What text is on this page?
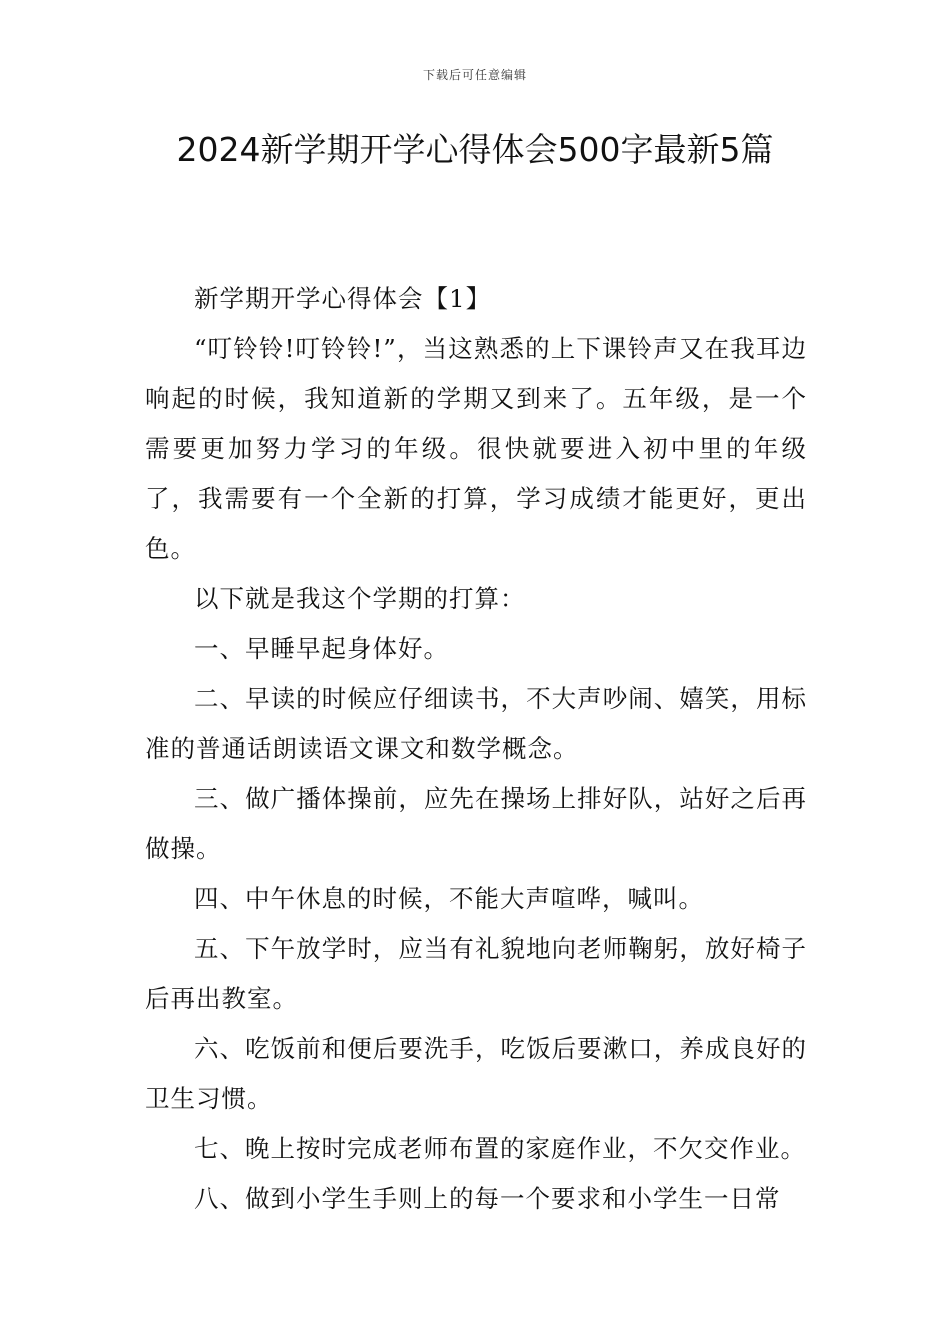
下载后可任意编辑
2024新学期开学心得体会500字最新5篇

新学期开学心得体会【1】

“叮铃铃!叮铃铃!”，当这熟悉的上下课铃声又在我耳边响起的时候，我知道新的学期又到来了。五年级，是一个需要更加努力学习的年级。很快就要进入初中里的年级了，我需要有一个全新的打算，学习成绩才能更好，更出色。

以下就是我这个学期的打算：

一、早睡早起身体好。

二、早读的时候应仔细读书，不大声吵闹、嬉笑，用标准的普通话朗读语文课文和数学概念。

三、做广播体操前，应先在操场上排好队，站好之后再做操。

四、中午休息的时候，不能大声喧哗，喊叫。

五、下午放学时，应当有礼貌地向老师鞠躬，放好椅子后再出教室。

六、吃饭前和便后要洗手，吃饭后要漱口，养成良好的卫生习惯。

七、晚上按时完成老师布置的家庭作业，不欠交作业。

八、做到小学生手则上的每一个要求和小学生一日常
